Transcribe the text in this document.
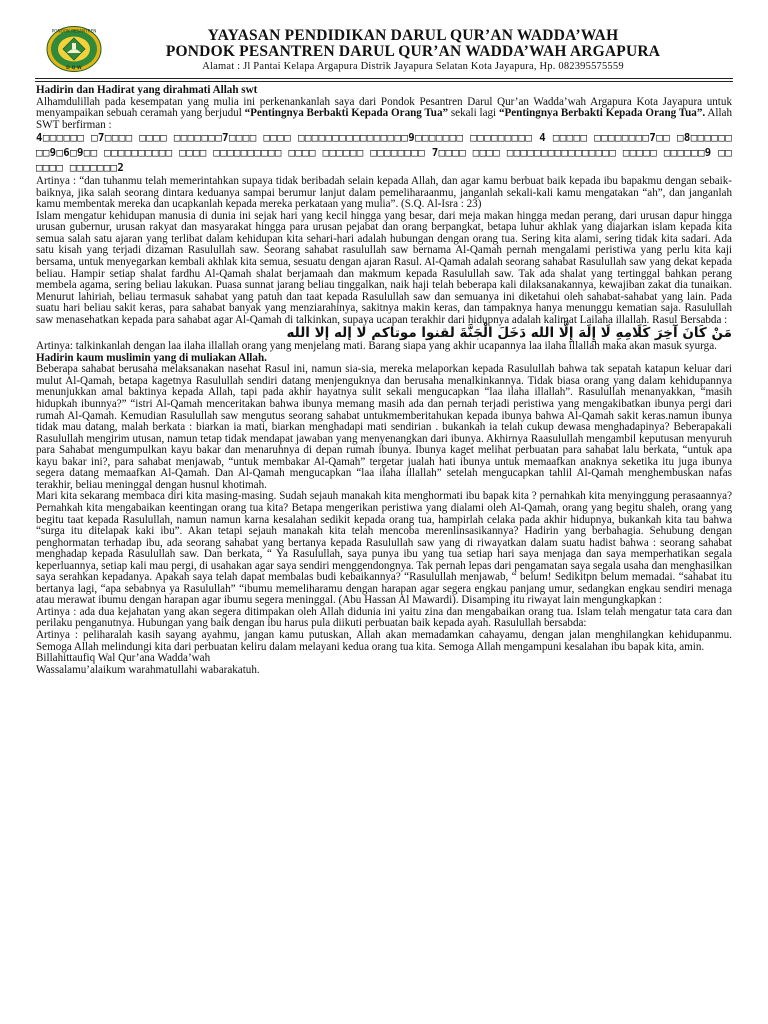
PONDOK PESANTREN
D Q W
YAYASAN PENDIDIKAN DARUL QUR’AN WADDA’WAH
PONDOK PESANTREN DARUL QUR’AN WADDA’WAH ARGAPURA
Alamat : Jl Pantai Kelapa Argapura Distrik Jayapura Selatan Kota Jayapura, Hp. 082395575559

Hadirin dan Hadirat yang dirahmati Allah swt

Alhamdulillah pada kesempatan yang mulia ini perkenankanlah saya dari Pondok Pesantren Darul Qur’an Wadda’wah Argapura Kota Jayapura untuk menyampaikan sebuah ceramah yang berjudul “Pentingnya Berbakti Kepada Orang Tua” sekali lagi “Pentingnya Berbakti Kepada Orang Tua”. Allah SWT berfirman :

4□□□□□□ □7□□□□ □□□□ □□□□□□□7□□□□ □□□□ □□□□□□□□□□□□□□□□9□□□□□□□ □□□□□□□□□ 4 □□□□□ □□□□□□□□7□□ □8□□□□□□ □□9□6□9□□ □□□□□□□□□□ □□□□ □□□□□□□□□□ □□□□ □□□□□□ □□□□□□□□ 7□□□□ □□□□ □□□□□□□□□□□□□□□□ □□□□□ □□□□□□9 □□□□□□ □□□□□□□2

Artinya : “dan tuhanmu telah memerintahkan supaya tidak beribadah selain kepada Allah, dan agar kamu berbuat baik kepada ibu bapakmu dengan sebaik-baiknya, jika salah seorang dintara keduanya sampai berumur lanjut dalam pemeliharaanmu, janganlah sekali-kali kamu mengatakan “ah”, dan janganlah kamu membentak mereka dan ucapkanlah kepada mereka perkataan yang mulia”. (S.Q. Al-Isra : 23)

Islam mengatur kehidupan manusia di dunia ini sejak hari yang kecil hingga yang besar, dari meja makan hingga medan perang, dari urusan dapur hingga urusan gubernur, urusan rakyat dan masyarakat hingga para urusan pejabat dan orang berpangkat, betapa luhur akhlak yang diajarkan islam kepada kita semua salah satu ajaran yang terlibat dalam kehidupan kita sehari-hari adalah hubungan dengan orang tua. Sering kita alami, sering tidak kita sadari. Ada satu kisah yang terjadi dizaman Rasulullah saw. Seorang sahabat rasulullah saw bernama Al-Qamah pernah mengalami peristiwa yang perlu kita kaji bersama, untuk menyegarkan kembali akhlak kita semua, sesuatu dengan ajaran Rasul. Al-Qamah adalah seorang sahabat Rasulullah saw yang dekat kepada beliau. Hampir setiap shalat fardhu Al-Qamah shalat berjamaah dan makmum kepada Rasulullah saw. Tak ada shalat yang tertinggal bahkan perang membela agama, sering beliau lakukan. Puasa sunnat jarang beliau tinggalkan, naik haji telah beberapa kali dilaksanakannya, kewajiban zakat dia tunaikan. Menurut lahiriah, beliau termasuk sahabat yang patuh dan taat kepada Rasulullah saw dan semuanya ini diketahui oleh sahabat-sahabat yang lain. Pada suatu hari beliau sakit keras, para sahabat banyak yang menziarahinya, sakitnya makin keras, dan tampaknya hanya menunggu kematian saja. Rasulullah saw menasehatkan kepada para sahabat agar Al-Qamah di talkinkan, supaya ucapan terakhir dari hidupnya adalah kalimat Lailaha illallah. Rasul Bersabda :

مَنْ كَانَ آخِرَ كَلَامِهِ لَا إِلَهَ إِلَّا الله دَخَلَ الْجَنَّةَ لقنوا موتاكم لا إله إلا الله

Artinya: talkinkanlah dengan laa ilaha illallah orang yang menjelang mati. Barang siapa yang akhir ucapannya laa ilaha illallah maka akan masuk syurga.

Hadirin kaum muslimin yang di muliakan Allah.

Beberapa sahabat berusaha melaksanakan nasehat Rasul ini, namun sia-sia, mereka melaporkan kepada Rasulullah bahwa tak sepatah katapun keluar dari mulut Al-Qamah, betapa kagetnya Rasulullah sendiri datang menjenguknya dan berusaha menalkinkannya. Tidak biasa orang yang dalam kehidupannya menunjukkan amal baktinya kepada Allah, tapi pada akhir hayatnya sulit sekali mengucapkan “laa ilaha illallah”. Rasulullah menanyakkan, “masih hidupkah ibunnya?” “istri Al-Qamah menceritakan bahwa ibunya memang masih ada dan pernah terjadi peristiwa yang mengakibatkan ibunya pergi dari rumah Al-Qamah. Kemudian Rasulullah saw mengutus seorang sahabat untukmemberitahukan kepada ibunya bahwa Al-Qamah sakit keras.namun ibunya tidak mau datang, malah berkata : biarkan ia mati, biarkan menghadapi mati sendirian . bukankah ia telah cukup dewasa menghadapinya? Beberapakali Rasulullah mengirim utusan, namun tetap tidak mendapat jawaban yang menyenangkan dari ibunya. Akhirnya Raasulullah mengambil keputusan menyuruh para Sahabat mengumpulkan kayu bakar dan menaruhnya di depan rumah ibunya. Ibunya kaget melihat perbuatan para sahabat lalu berkata, “untuk apa kayu bakar ini?, para sahabat menjawab, “untuk membakar Al-Qamah” tergetar jualah hati ibunya untuk memaafkan anaknya seketika itu juga ibunya segera datang memaafkan Al-Qamah. Dan Al-Qamah mengucapkan “laa ilaha illallah” setelah mengucapkan tahlil Al-Qamah menghembuskan nafas terakhir, beliau meninggal dengan husnul khotimah.

Mari kita sekarang membaca diri kita masing-masing. Sudah sejauh manakah kita menghormati ibu bapak kita ? pernahkah kita menyinggung perasaannya? Pernahkah kita mengabaikan keentingan orang tua kita? Betapa mengerikan peristiwa yang dialami oleh Al-Qamah, orang yang begitu shaleh, orang yang begitu taat kepada Rasulullah, namun namun karna kesalahan sedikit kepada orang tua, hampirlah celaka pada akhir hidupnya, bukankah kita tau bahwa “surga itu ditelapak kaki ibu”. Akan tetapi sejauh manakah kita telah mencoba merenlinsasikannya? Hadirin yang berbahagia. Sehubung dengan penghormatan terhadap ibu, ada seorang sahabat yang bertanya kepada Rasulullah saw yang di riwayatkan dalam suatu hadist bahwa : seorang sahabat menghadap kepada Rasulullah saw. Dan berkata, “ Ya Rasulullah, saya punya ibu yang tua setiap hari saya menjaga dan saya memperhatikan segala keperluannya, setiap kali mau pergi, di usahakan agar saya sendiri menggendongnya. Tak pernah lepas dari pengamatan saya segala usaha dan menghasilkan saya serahkan kepadanya. Apakah saya telah dapat membalas budi kebaikannya? “Rasulullah menjawab, “ belum! Sedikitpn belum memadai. “sahabat itu bertanya lagi, “apa sebabnya ya Rasulullah” “ibumu memeliharamu dengan harapan agar segera engkau panjang umur, sedangkan engkau sendiri menaga atau merawat ibumu dengan harapan agar ibumu segera meninggal. (Abu Hassan Al Mawardi). Disamping itu riwayat lain mengungkapkan :

Artinya : ada dua kejahatan yang akan segera ditimpakan oleh Allah didunia ini yaitu zina dan mengabaikan orang tua. Islam telah mengatur tata cara dan perilaku penganutnya. Hubungan yang baik dengan ibu harus pula diikuti perbuatan baik kepada ayah. Rasulullah bersabda:

Artinya : peliharalah kasih sayang ayahmu, jangan kamu putuskan, Allah akan memadamkan cahayamu, dengan jalan menghilangkan kehidupanmu. Semoga Allah melindungi kita dari perbuatan keliru dalam melayani kedua orang tua kita. Semoga Allah mengampuni kesalahan ibu bapak kita, amin.

Billahittaufiq Wal Qur’ana Wadda’wah

Wassalamu’alaikum warahmatullahi wabarakatuh.
